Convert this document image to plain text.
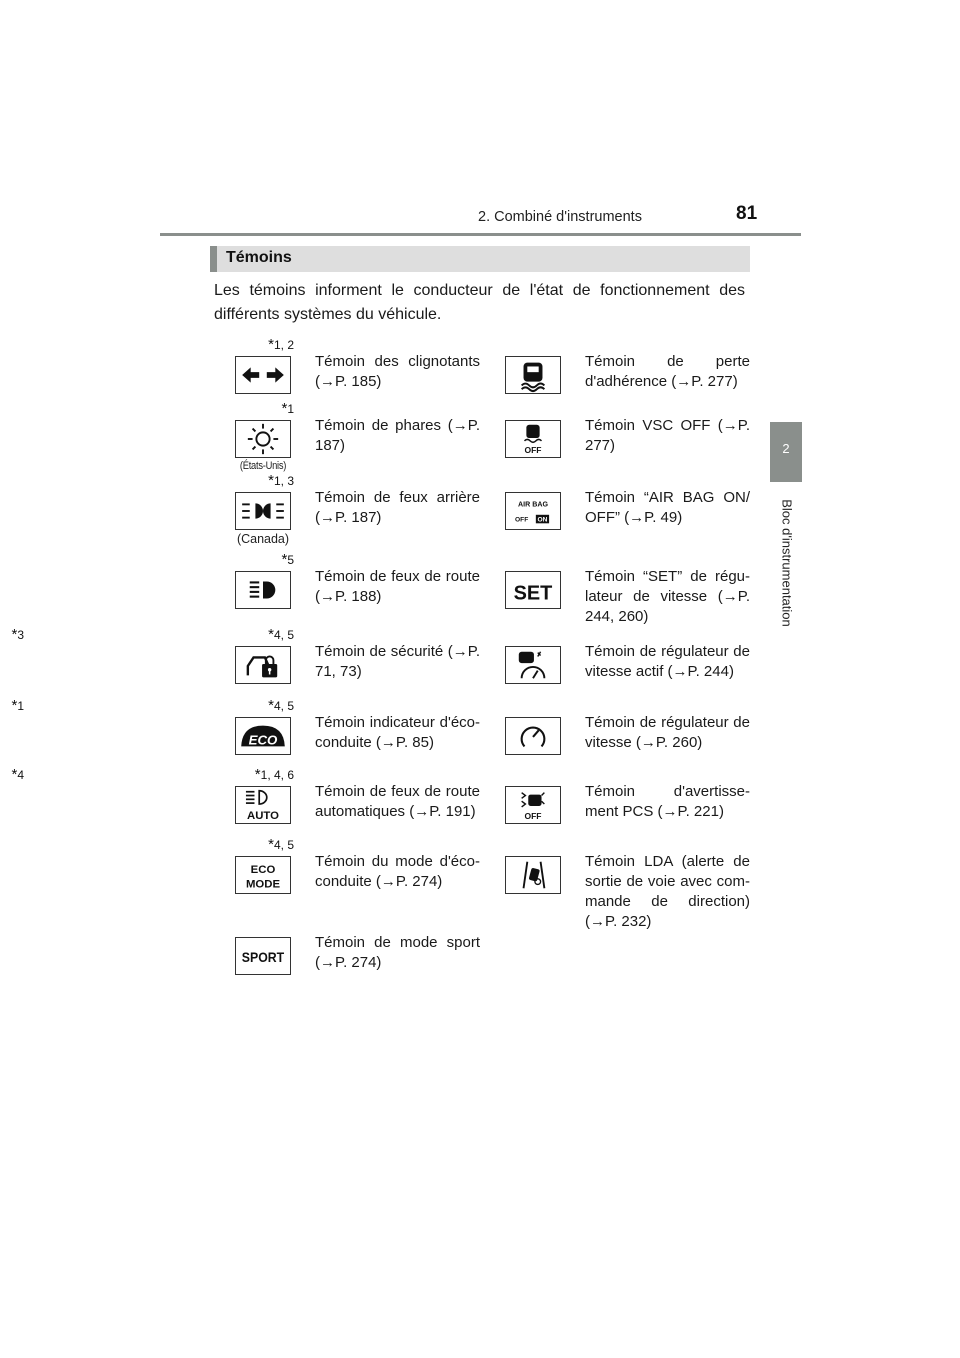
2. Combiné d'instruments	81
2
Bloc d'instrumentation
Témoins
Les témoins informent le conducteur de l'état de fonctionnement des différents systèmes du véhicule.
Témoin des clignotants (→P. 185)
*1, 2
Témoin de perte d'adhérence (→P. 277)
(États-Unis)
Témoin de phares (→P. 187)
*1
OFF
Témoin VSC OFF (→P. 277)
(Canada)
Témoin de feux arrière (→P. 187)
*1, 3
AIR BAG
OFF ON
Témoin “AIR BAG ON/ OFF” (→P. 49)
Témoin de feux de route (→P. 188)
*5
SET
Témoin “SET” de régu- lateur de vitesse (→P. 244, 260)
*3
Témoin de sécurité (→P. 71, 73)
*4, 5
Témoin de régulateur de vitesse actif (→P. 244)
*1
ECO
Témoin indicateur d'éco-conduite (→P. 85)
*4, 5
Témoin de régulateur de vitesse (→P. 260)
*4
AUTO
Témoin de feux de route automatiques (→P. 191)
*1, 4, 6
OFF
Témoin d'avertisse- ment PCS (→P. 221)
ECO
MODE
Témoin du mode d'éco- conduite (→P. 274)
*4, 5
Témoin LDA (alerte de sortie de voie avec com- mande de direction) (→P. 232)
SPORT
Témoin de mode sport (→P. 274)
